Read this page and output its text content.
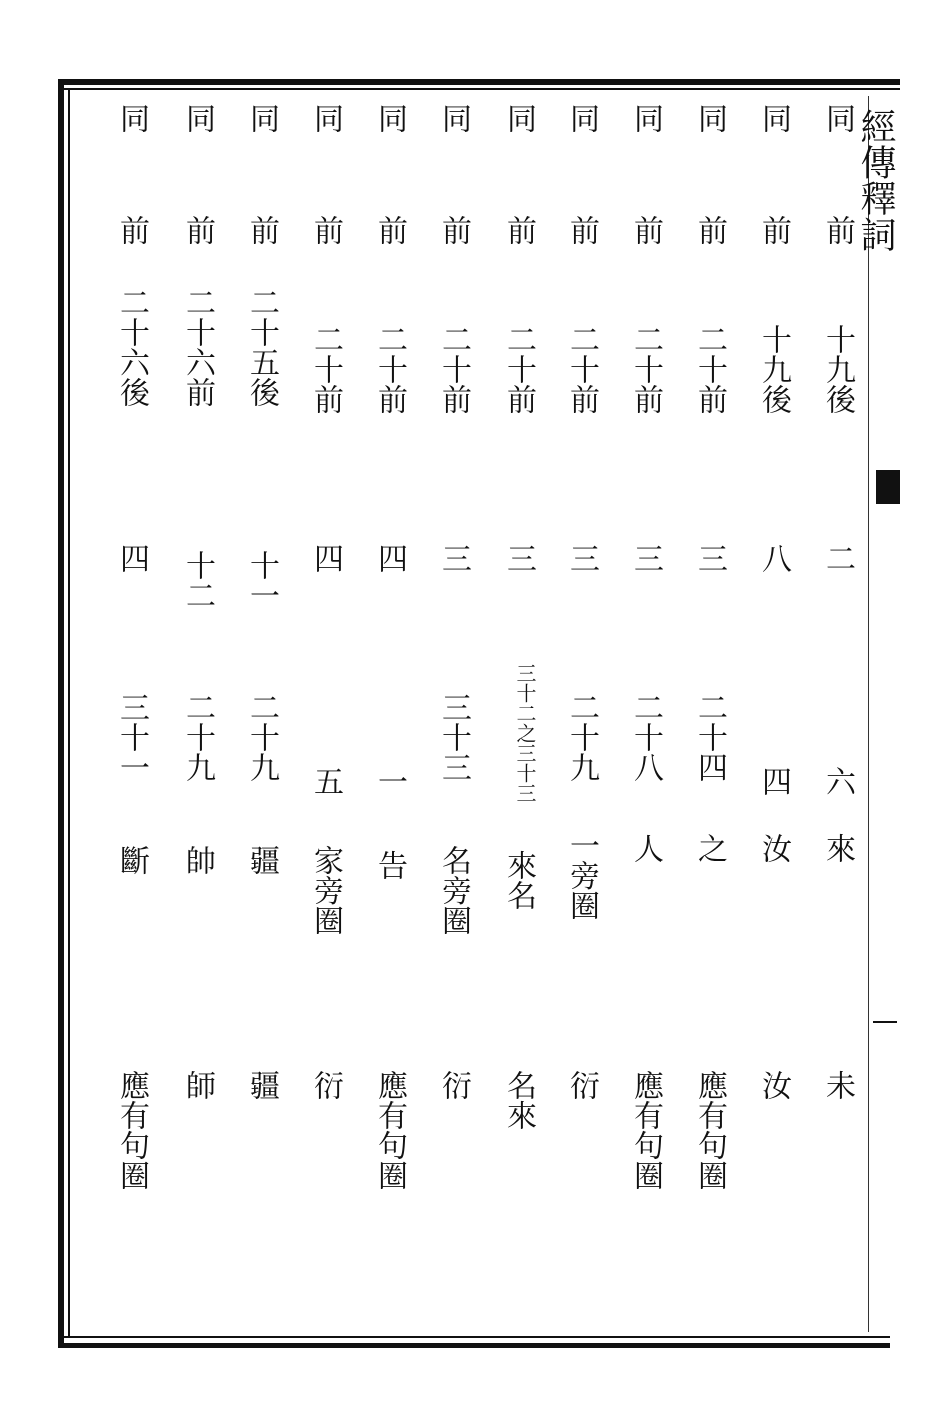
經傳釋詞
同
前
十九後
二
六
來
未
同
前
十九後
八
四
汝
汝
同
前
二十前
三
二十四
之
應有句圈
同
前
二十前
三
二十八
人
應有句圈
同
前
二十前
三
二十九
一旁圈
衍
同
前
二十前
三
三十二之三十三
來名
名來
同
前
二十前
三
三十三
名旁圈
衍
同
前
二十前
四
一
告
應有句圈
同
前
二十前
四
五
家旁圈
衍
同
前
二十五後
十一
二十九
疆
疆
同
前
二十六前
十二
二十九
帥
師
同
前
二十六後
四
三十一
斷
應有句圈
